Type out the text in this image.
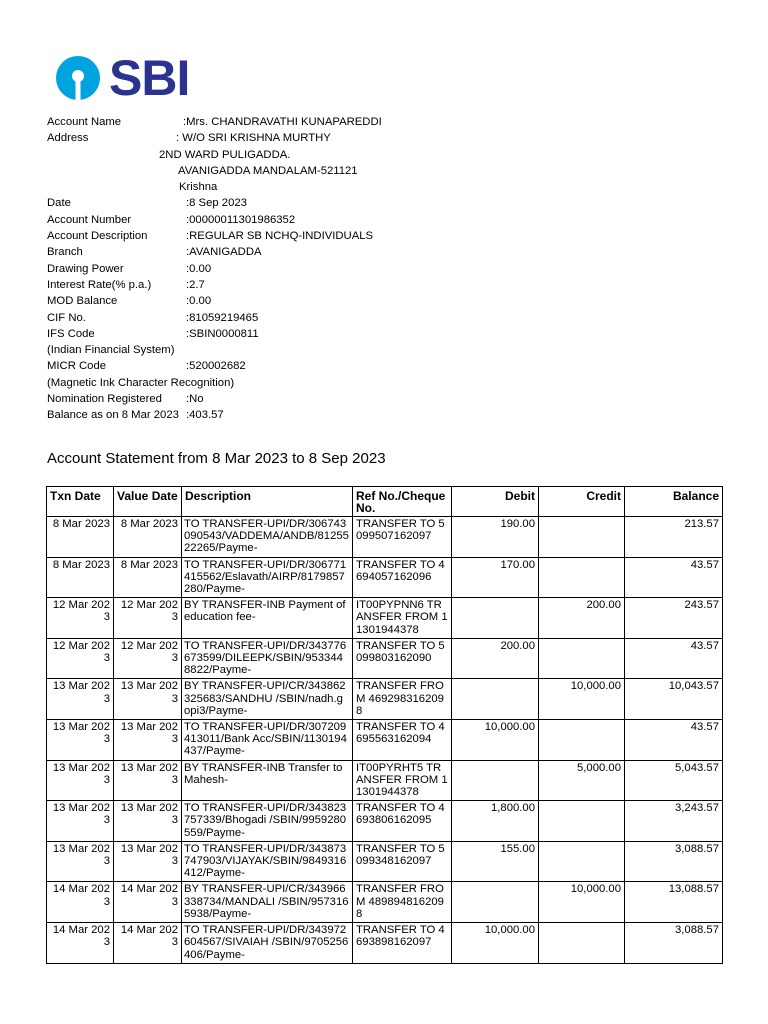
SBI
Account Name	:Mrs. CHANDRAVATHI KUNAPAREDDI
Address	: W/O SRI KRISHNA MURTHY
2ND WARD PULIGADDA.
AVANIGADDA MANDALAM-521121
Krishna
Date	:8 Sep 2023
Account Number	:00000011301986352
Account Description	:REGULAR SB NCHQ-INDIVIDUALS
Branch	:AVANIGADDA
Drawing Power	:0.00
Interest Rate(% p.a.)	:2.7
MOD Balance	:0.00
CIF No.	:81059219465
IFS Code	:SBIN0000811
(Indian Financial System)
MICR Code	:520002682
(Magnetic Ink Character Recognition)
Nomination Registered :No
Balance as on 8 Mar 2023 :403.57
Account Statement from 8 Mar 2023 to 8 Sep 2023
Txn Date	Value Date	Description	Ref No./Cheque No.	Debit	Credit	Balance
8 Mar 2023	8 Mar 2023	TO TRANSFER-UPI/DR/306743090543/VADDEMA/ANDB/8125522265/Payme-	TRANSFER TO 5099507162097	190.00		213.57
8 Mar 2023	8 Mar 2023	TO TRANSFER-UPI/DR/306771415562/Eslavath/AIRP/8179857280/Payme-	TRANSFER TO 4694057162096	170.00		43.57
12 Mar 2023	12 Mar 2023	BY TRANSFER-INB Payment of education fee-	IT00PYPNN6 TRANSFER FROM 11301944378		200.00	243.57
12 Mar 2023	12 Mar 2023	TO TRANSFER-UPI/DR/343776673599/DILEEPK/SBIN/9533448822/Payme-	TRANSFER TO 5099803162090	200.00		43.57
13 Mar 2023	13 Mar 2023	BY TRANSFER-UPI/CR/343862325683/SANDHU /SBIN/nadh.gopi3/Payme-	TRANSFER FROM 4692983162098		10,000.00	10,043.57
13 Mar 2023	13 Mar 2023	TO TRANSFER-UPI/DR/307209413011/Bank Acc/SBIN/1130194437/Payme-	TRANSFER TO 4695563162094	10,000.00		43.57
13 Mar 2023	13 Mar 2023	BY TRANSFER-INB Transfer to Mahesh-	IT00PYRHT5 TRANSFER FROM 11301944378		5,000.00	5,043.57
13 Mar 2023	13 Mar 2023	TO TRANSFER-UPI/DR/343823757339/Bhogadi /SBIN/9959280559/Payme-	TRANSFER TO 4693806162095	1,800.00		3,243.57
13 Mar 2023	13 Mar 2023	TO TRANSFER-UPI/DR/343873747903/VIJAYAK/SBIN/9849316412/Payme-	TRANSFER TO 5099348162097	155.00		3,088.57
14 Mar 2023	14 Mar 2023	BY TRANSFER-UPI/CR/343966338734/MANDALI /SBIN/9573165938/Payme-	TRANSFER FROM 4898948162098		10,000.00	13,088.57
14 Mar 2023	14 Mar 2023	TO TRANSFER-UPI/DR/343972604567/SIVAIAH /SBIN/9705256406/Payme-	TRANSFER TO 4693898162097	10,000.00		3,088.57
